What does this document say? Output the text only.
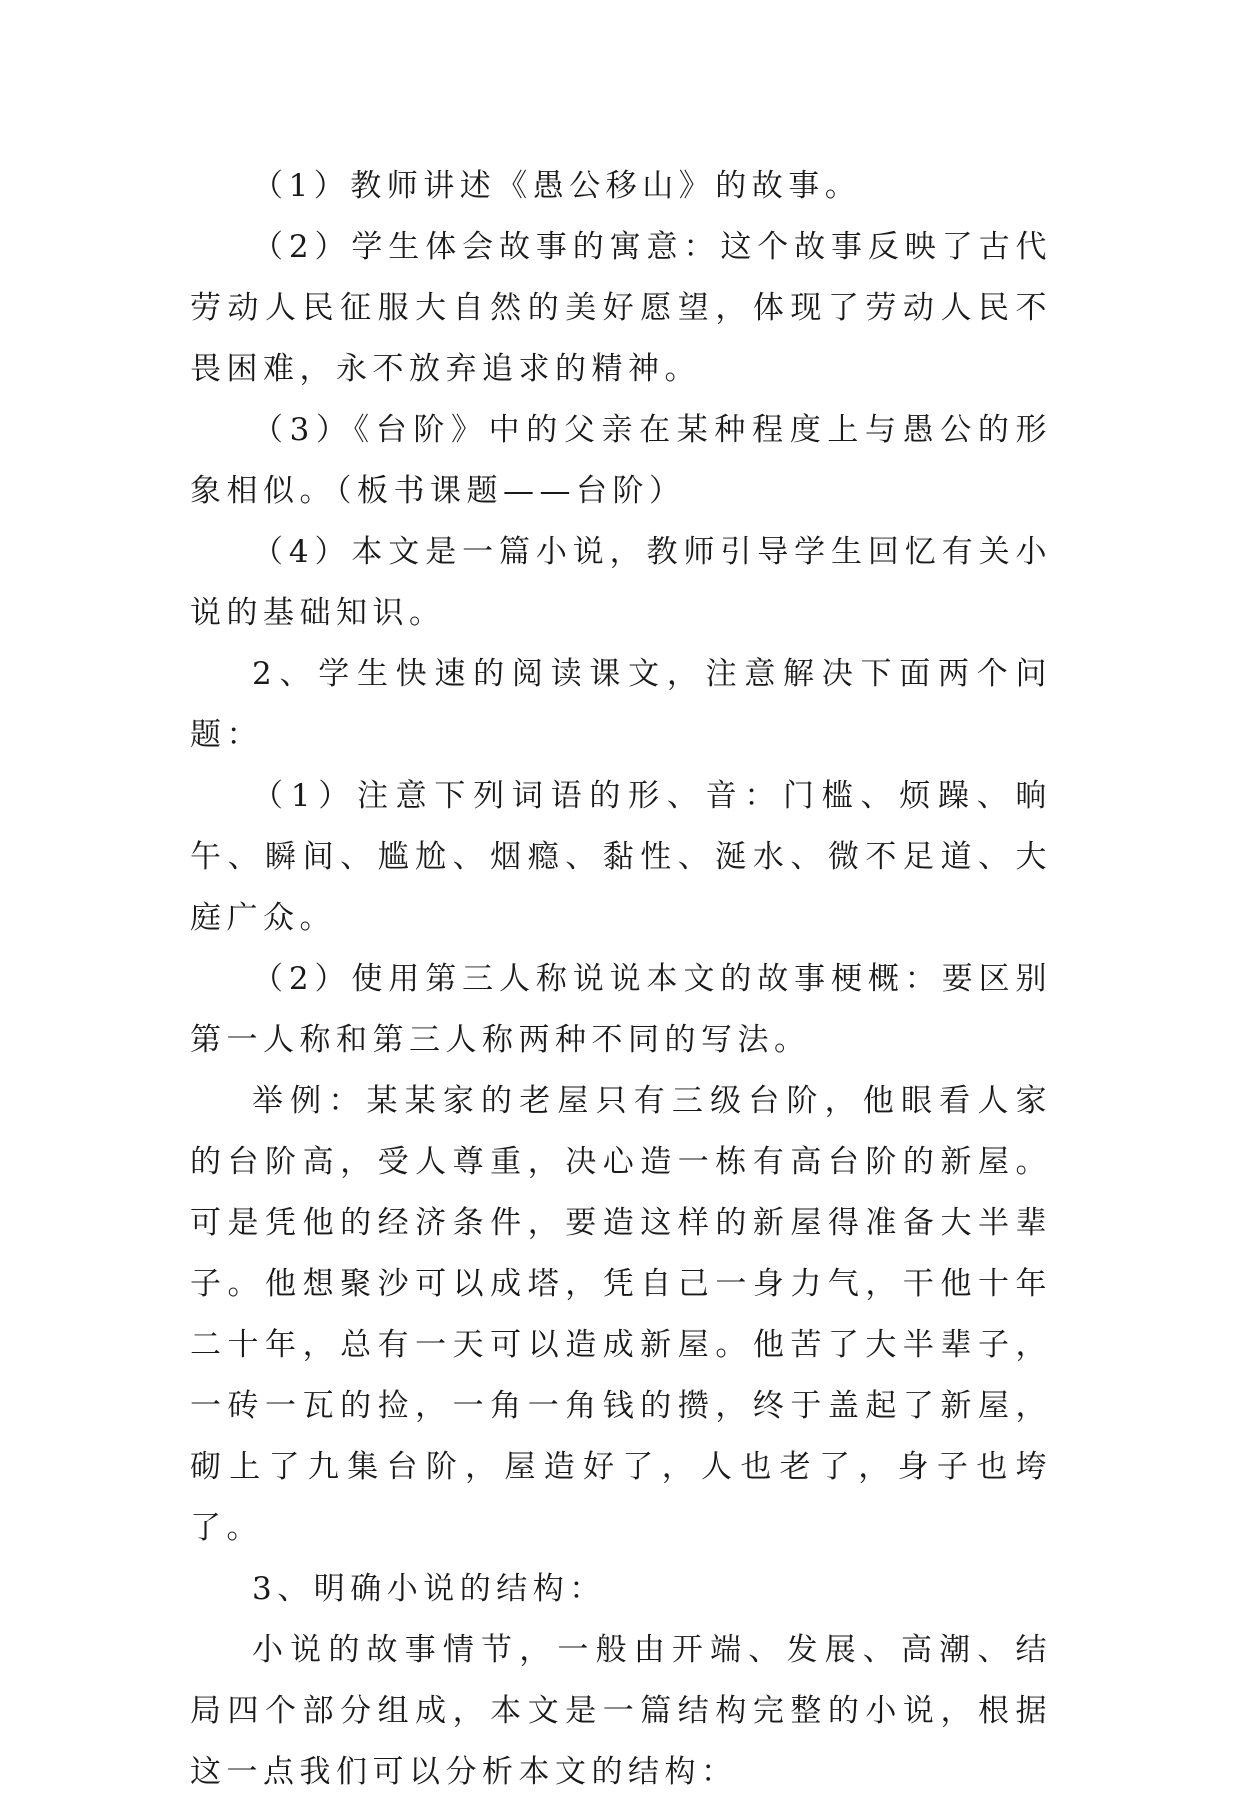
（1）教师讲述《愚公移山》的故事。

（2）学生体会故事的寓意：这个故事反映了古代劳动人民征服大自然的美好愿望，体现了劳动人民不畏困难，永不放弃追求的精神。

（3）《台阶》中的父亲在某种程度上与愚公的形象相似。（板书课题——台阶）

（4）本文是一篇小说，教师引导学生回忆有关小说的基础知识。

2、学生快速的阅读课文，注意解决下面两个问题：

（1）注意下列词语的形、音：门槛、烦躁、晌午、瞬间、尴尬、烟瘾、黏性、涎水、微不足道、大庭广众。

（2）使用第三人称说说本文的故事梗概：要区别第一人称和第三人称两种不同的写法。

举例：某某家的老屋只有三级台阶，他眼看人家的台阶高，受人尊重，决心造一栋有高台阶的新屋。可是凭他的经济条件，要造这样的新屋得准备大半辈子。他想聚沙可以成塔，凭自己一身力气，干他十年二十年，总有一天可以造成新屋。他苦了大半辈子，一砖一瓦的捡，一角一角钱的攒，终于盖起了新屋，砌上了九集台阶，屋造好了，人也老了，身子也垮了。

3、明确小说的结构：

小说的故事情节，一般由开端、发展、高潮、结局四个部分组成，本文是一篇结构完整的小说，根据这一点我们可以分析本文的结构：
